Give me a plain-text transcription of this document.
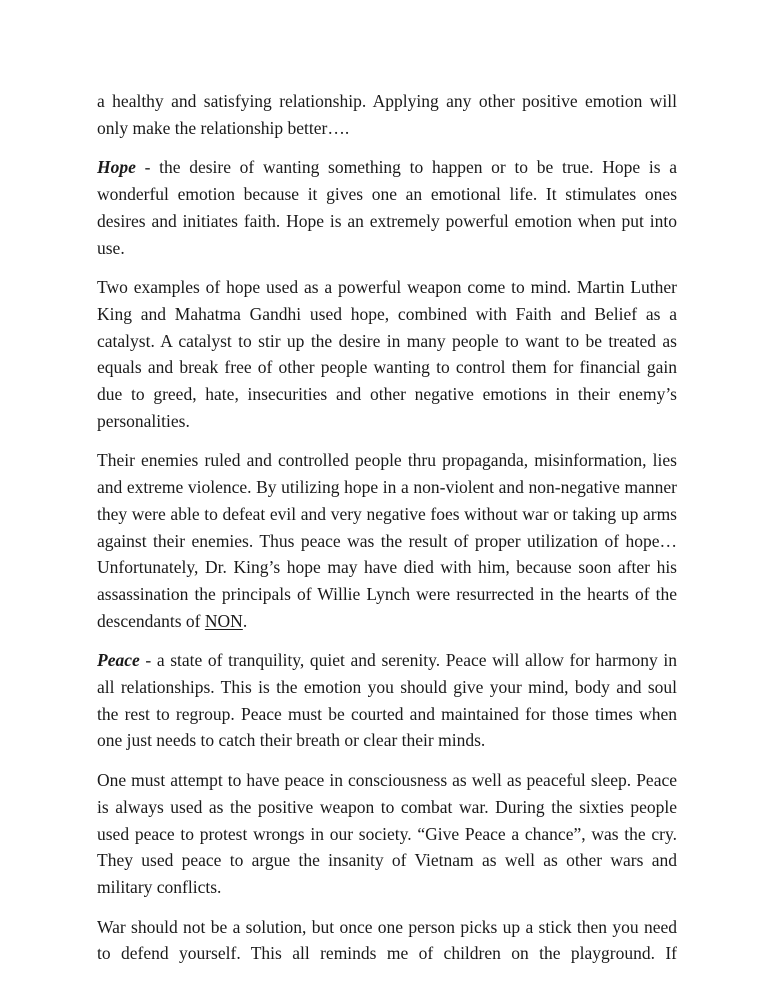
a healthy and satisfying relationship. Applying any other positive emotion will only make the relationship better….

Hope - the desire of wanting something to happen or to be true. Hope is a wonderful emotion because it gives one an emotional life. It stimulates ones desires and initiates faith. Hope is an extremely powerful emotion when put into use.

Two examples of hope used as a powerful weapon come to mind. Martin Luther King and Mahatma Gandhi used hope, combined with Faith and Belief as a catalyst. A catalyst to stir up the desire in many people to want to be treated as equals and break free of other people wanting to control them for financial gain due to greed, hate, insecurities and other negative emotions in their enemy’s personalities.

Their enemies ruled and controlled people thru propaganda, misinformation, lies and extreme violence. By utilizing hope in a non-violent and non-negative manner they were able to defeat evil and very negative foes without war or taking up arms against their enemies. Thus peace was the result of proper utilization of hope… Unfortunately, Dr. King’s hope may have died with him, because soon after his assassination the principals of Willie Lynch were resurrected in the hearts of the descendants of NON.

Peace - a state of tranquility, quiet and serenity. Peace will allow for harmony in all relationships. This is the emotion you should give your mind, body and soul the rest to regroup. Peace must be courted and maintained for those times when one just needs to catch their breath or clear their minds.

One must attempt to have peace in consciousness as well as peaceful sleep. Peace is always used as the positive weapon to combat war. During the sixties people used peace to protest wrongs in our society. “Give Peace a chance”, was the cry. They used peace to argue the insanity of Vietnam as well as other wars and military conflicts.

War should not be a solution, but once one person picks up a stick then you need to defend yourself. This all reminds me of children on the playground. If
